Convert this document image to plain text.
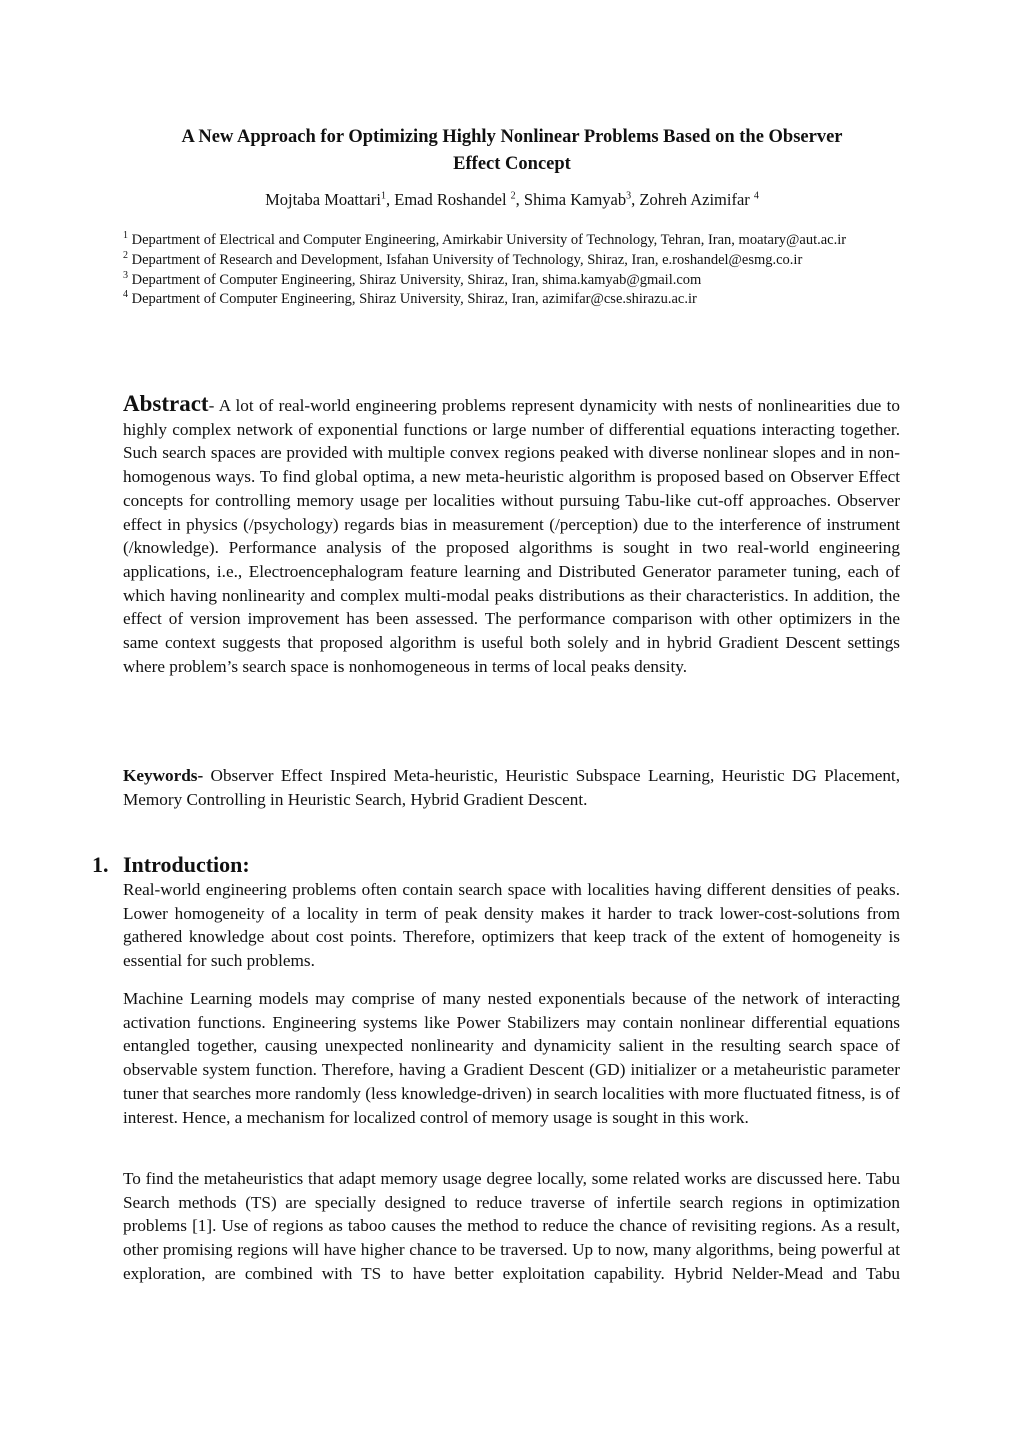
A New Approach for Optimizing Highly Nonlinear Problems Based on the Observer
Effect Concept
Mojtaba Moattari$^1$, Emad Roshandel $^2$, Shima Kamyab$^3$, Zohreh Azimifar $^4$

$^1$ Department of Electrical and Computer Engineering, Amirkabir University of Technology, Tehran, Iran, moatary@aut.ac.ir

$^2$ Department of Research and Development, Isfahan University of Technology, Shiraz, Iran, e.roshandel@esmg.co.ir

$^3$ Department of Computer Engineering, Shiraz University, Shiraz, Iran, shima.kamyab@gmail.com

$^4$ Department of Computer Engineering, Shiraz University, Shiraz, Iran, azimifar@cse.shirazu.ac.ir

Abstract- A lot of real-world engineering problems represent dynamicity with nests of nonlinearities due to highly complex network of exponential functions or large number of differential equations interacting together. Such search spaces are provided with multiple convex regions peaked with diverse nonlinear slopes and in non-homogenous ways. To find global optima, a new meta-heuristic algorithm is proposed based on Observer Effect concepts for controlling memory usage per localities without pursuing Tabu-like cut-off approaches. Observer effect in physics (/psychology) regards bias in measurement (/perception) due to the interference of instrument (/knowledge). Performance analysis of the proposed algorithms is sought in two real-world engineering applications, i.e., Electroencephalogram feature learning and Distributed Generator parameter tuning, each of which having nonlinearity and complex multi-modal peaks distributions as their characteristics. In addition, the effect of version improvement has been assessed. The performance comparison with other optimizers in the same context suggests that proposed algorithm is useful both solely and in hybrid Gradient Descent settings where problem’s search space is nonhomogeneous in terms of local peaks density.

Keywords- Observer Effect Inspired Meta-heuristic, Heuristic Subspace Learning, Heuristic DG Placement, Memory Controlling in Heuristic Search, Hybrid Gradient Descent.

1. Introduction:

Real-world engineering problems often contain search space with localities having different densities of peaks. Lower homogeneity of a locality in term of peak density makes it harder to track lower-cost-solutions from gathered knowledge about cost points. Therefore, optimizers that keep track of the extent of homogeneity is essential for such problems.

Machine Learning models may comprise of many nested exponentials because of the network of interacting activation functions. Engineering systems like Power Stabilizers may contain nonlinear differential equations entangled together, causing unexpected nonlinearity and dynamicity salient in the resulting search space of observable system function. Therefore, having a Gradient Descent (GD) initializer or a metaheuristic parameter tuner that searches more randomly (less knowledge-driven) in search localities with more fluctuated fitness, is of interest. Hence, a mechanism for localized control of memory usage is sought in this work.

To find the metaheuristics that adapt memory usage degree locally, some related works are discussed here. Tabu Search methods (TS) are specially designed to reduce traverse of infertile search regions in optimization problems [1]. Use of regions as taboo causes the method to reduce the chance of revisiting regions. As a result, other promising regions will have higher chance to be traversed. Up to now, many algorithms, being powerful at exploration, are combined with TS to have better exploitation capability. Hybrid Nelder-Mead and Tabu
